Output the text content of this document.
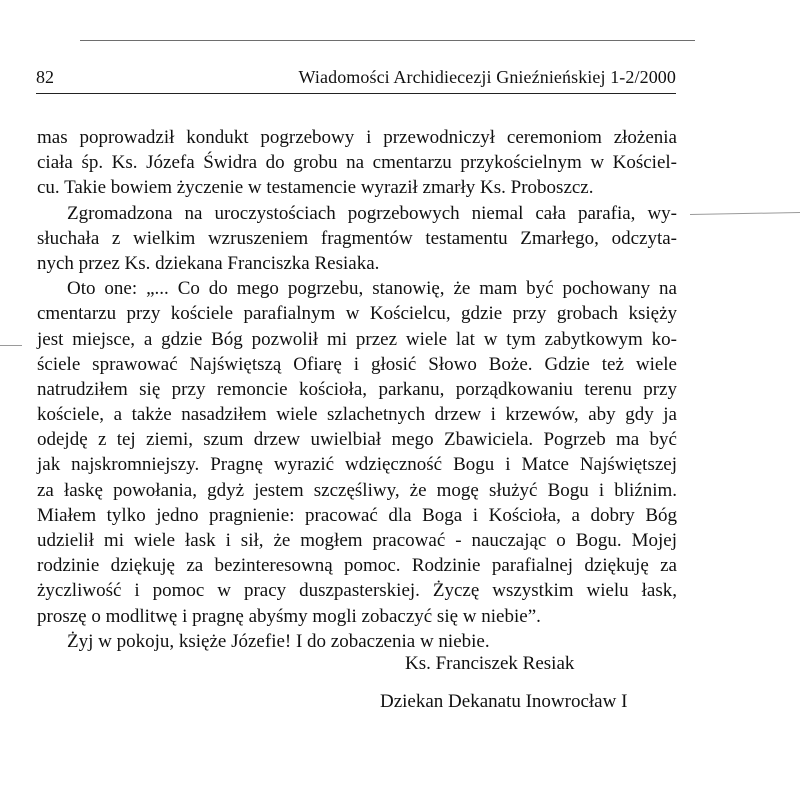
82	Wiadomości Archidiecezji Gnieźnieńskiej 1-2/2000
mas poprowadził kondukt pogrzebowy i przewodniczył ceremoniom złożenia
ciała śp. Ks. Józefa Świdra do grobu na cmentarzu przykościelnym w Kościel-
cu. Takie bowiem życzenie w testamencie wyraził zmarły Ks. Proboszcz.
Zgromadzona na uroczystościach pogrzebowych niemal cała parafia, wy-
słuchała z wielkim wzruszeniem fragmentów testamentu Zmarłego, odczyta-
nych przez Ks. dziekana Franciszka Resiaka.
Oto one: „... Co do mego pogrzebu, stanowię, że mam być pochowany na
cmentarzu przy kościele parafialnym w Kościelcu, gdzie przy grobach księży
jest miejsce, a gdzie Bóg pozwolił mi przez wiele lat w tym zabytkowym ko-
ściele sprawować Najświętszą Ofiarę i głosić Słowo Boże. Gdzie też wiele
natrudziłem się przy remoncie kościoła, parkanu, porządkowaniu terenu przy
kościele, a także nasadziłem wiele szlachetnych drzew i krzewów, aby gdy ja
odejdę z tej ziemi, szum drzew uwielbiał mego Zbawiciela. Pogrzeb ma być
jak najskromniejszy. Pragnę wyrazić wdzięczność Bogu i Matce Najświętszej
za łaskę powołania, gdyż jestem szczęśliwy, że mogę służyć Bogu i bliźnim.
Miałem tylko jedno pragnienie: pracować dla Boga i Kościoła, a dobry Bóg
udzielił mi wiele łask i sił, że mogłem pracować - nauczając o Bogu. Mojej
rodzinie dziękuję za bezinteresowną pomoc. Rodzinie parafialnej dziękuję za
życzliwość i pomoc w pracy duszpasterskiej. Życzę wszystkim wielu łask,
proszę o modlitwę i pragnę abyśmy mogli zobaczyć się w niebie”.
Żyj w pokoju, księże Józefie! I do zobaczenia w niebie.
Ks. Franciszek Resiak
Dziekan Dekanatu Inowrocław I
